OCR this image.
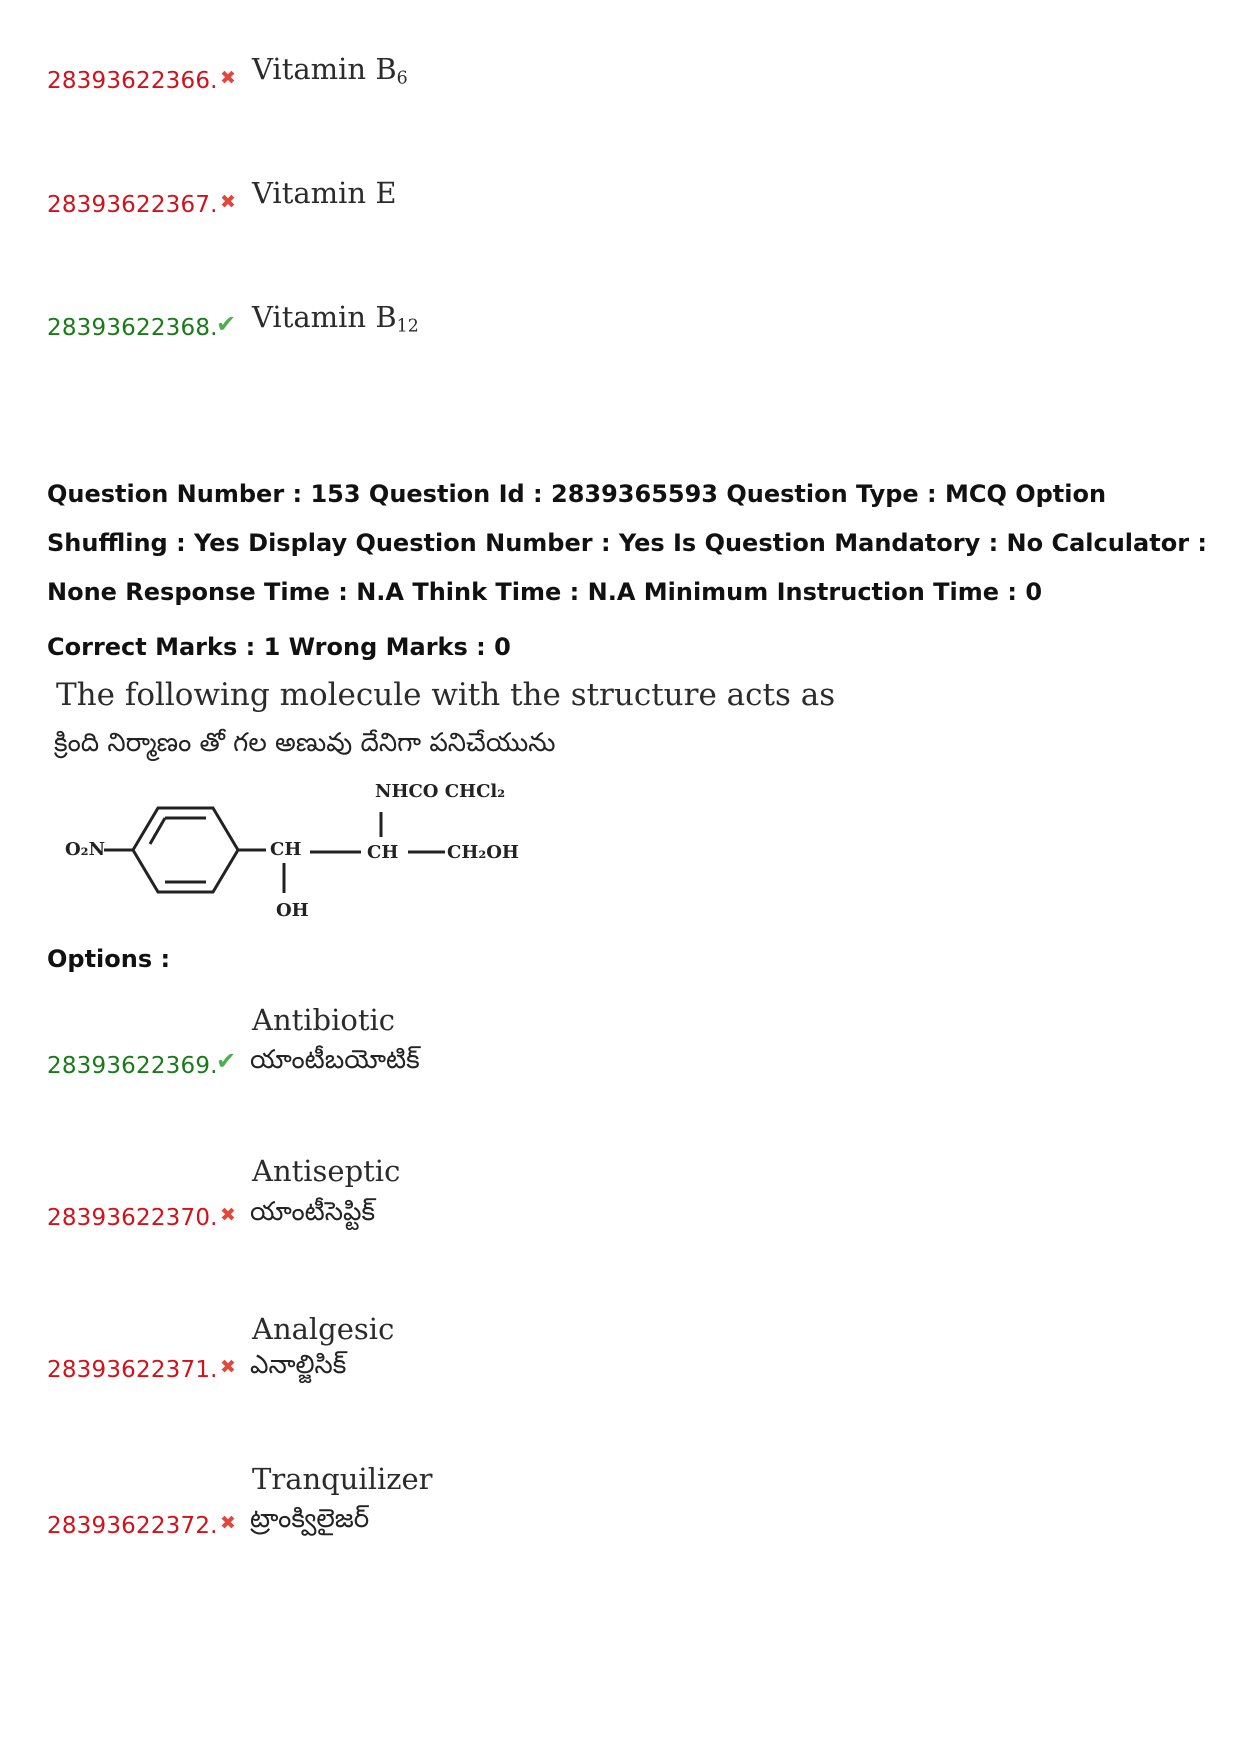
28393622366. ✖ Vitamin $B_6$
28393622367. ✖ Vitamin E
28393622368.
✔ Vitamin $B_{12}$
Question Number : 153 Question Id : 2839365593 Question Type : MCQ Option Shuffling : Yes Display Question Number : Yes Is Question Mandatory : No Calculator : None Response Time : N.A Think Time : N.A Minimum Instruction Time : 0
Correct Marks : 1 Wrong Marks : 0
The following molecule with the structure acts as
క్రింది నిర్మాణం తో గల అణువు దేనిగా పనిచేయును
O₂N	CH
OH
CH
NHCO CHCl₂
CH₂OH
Options :
Antibiotic
యాంటీబయోటిక్
28393622369.
✔
Antiseptic
యాంటీసెప్టిక్
28393622370. ✖
Analgesic
ఎనాల్జిసిక్
28393622371. ✖
Tranquilizer
ట్రాంక్విలైజర్
28393622372. ✖
